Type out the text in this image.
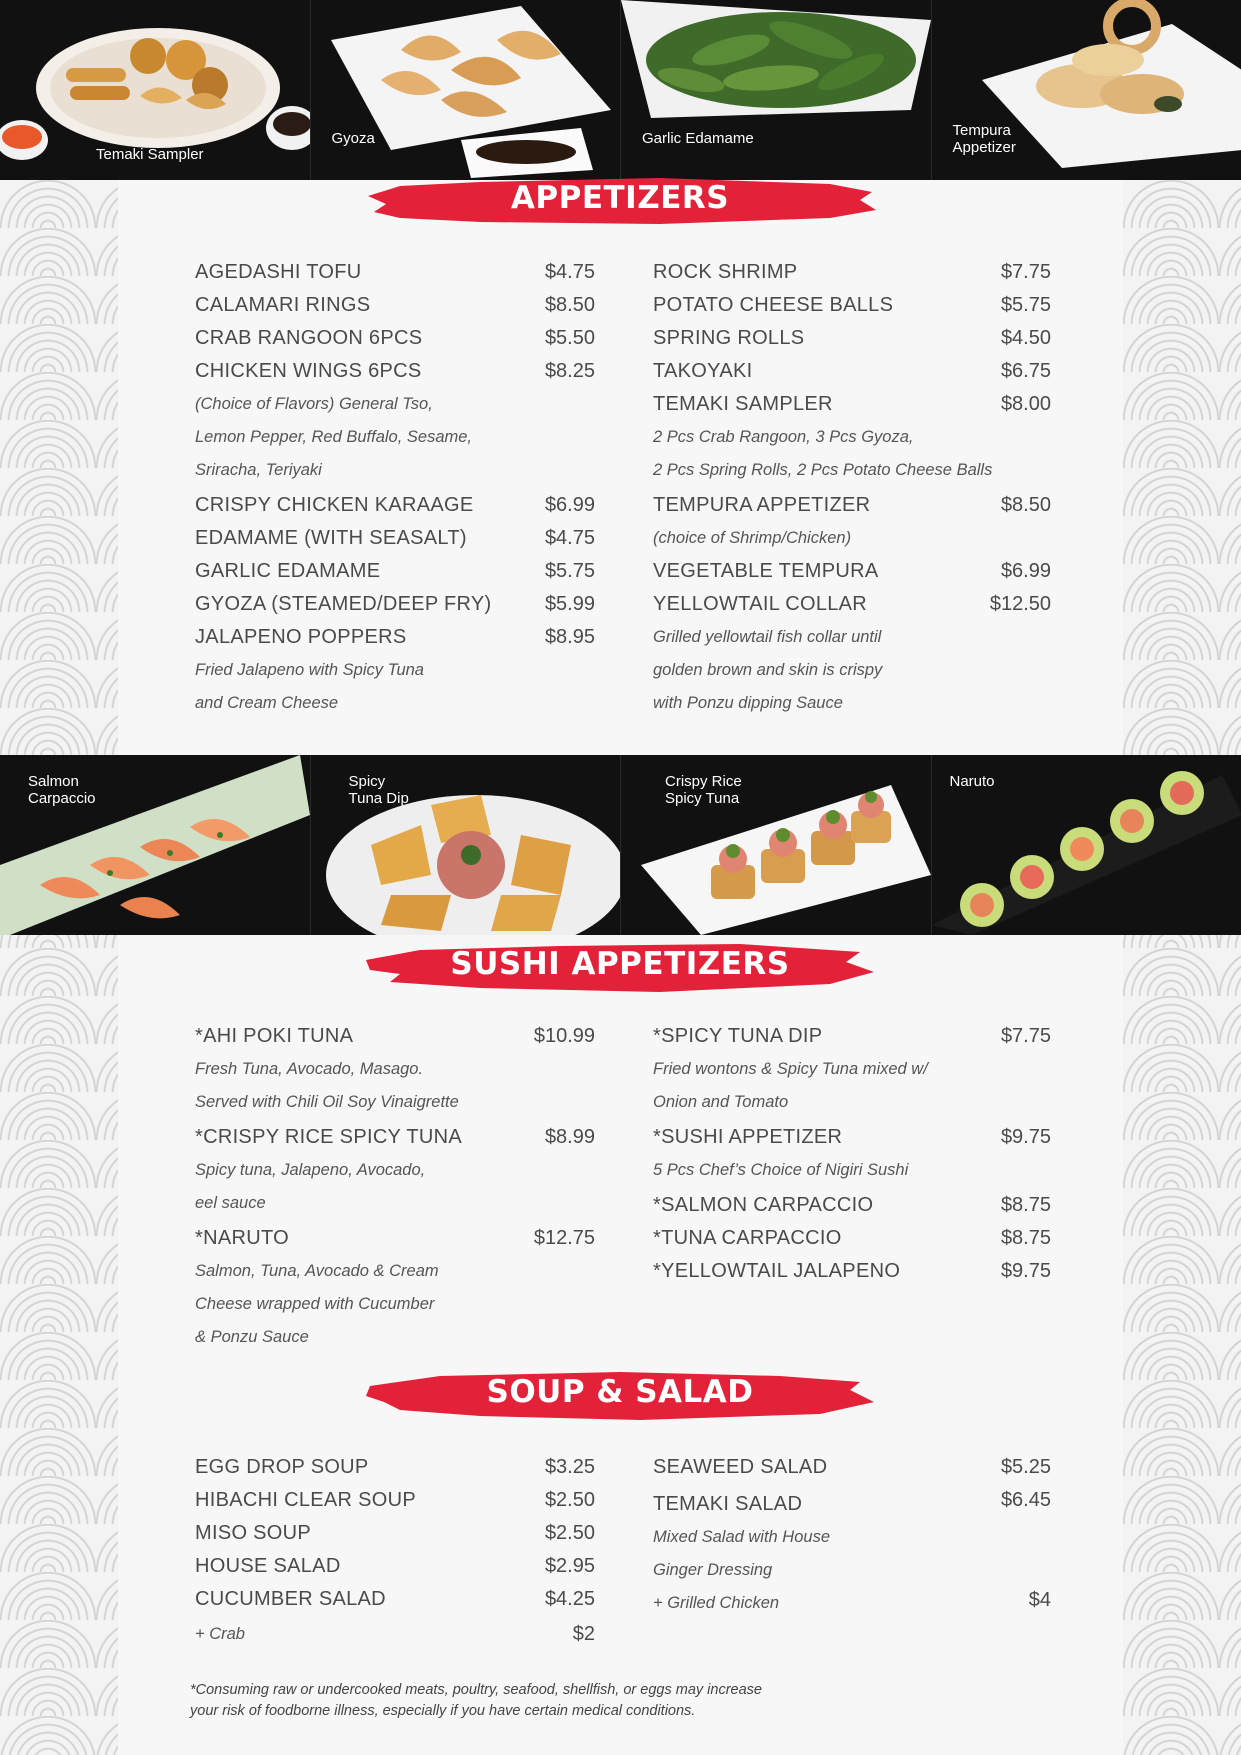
Temaki Sampler
Gyoza	Garlic Edamame	Tempura
Appetizer
APPETIZERS
AGEDASHI TOFU	$4.75
CALAMARI RINGS	$8.50
CRAB RANGOON 6PCS	$5.50
CHICKEN WINGS 6PCS	$8.25
(Choice of Flavors) General Tso,
Lemon Pepper, Red Buffalo, Sesame,
Sriracha, Teriyaki
CRISPY CHICKEN KARAAGE	$6.99
EDAMAME (WITH SEASALT)	$4.75
GARLIC EDAMAME	$5.75
GYOZA (STEAMED/DEEP FRY)	$5.99
JALAPENO POPPERS	$8.95
Fried Jalapeno with Spicy Tuna
and Cream Cheese
ROCK SHRIMP	$7.75
POTATO CHEESE BALLS	$5.75
SPRING ROLLS	$4.50
TAKOYAKI	$6.75
TEMAKI SAMPLER	$8.00
2 Pcs Crab Rangoon, 3 Pcs Gyoza,
2 Pcs Spring Rolls, 2 Pcs Potato Cheese Balls
TEMPURA APPETIZER	$8.50
(choice of Shrimp/Chicken)
VEGETABLE TEMPURA	$6.99
YELLOWTAIL COLLAR	$12.50
Grilled yellowtail fish collar until
golden brown and skin is crispy
with Ponzu dipping Sauce
Salmon
Carpaccio
Spicy
Tuna Dip
Crispy Rice
Spicy Tuna
Naruto
SUSHI APPETIZERS
*AHI POKI TUNA	$10.99
Fresh Tuna, Avocado, Masago.
Served with Chili Oil Soy Vinaigrette
*CRISPY RICE SPICY TUNA	$8.99
Spicy tuna, Jalapeno, Avocado,
eel sauce
*NARUTO	$12.75
Salmon, Tuna, Avocado & Cream
Cheese wrapped with Cucumber
& Ponzu Sauce
*SPICY TUNA DIP	$7.75
Fried wontons & Spicy Tuna mixed w/
Onion and Tomato
*SUSHI APPETIZER	$9.75
5 Pcs Chef’s Choice of Nigiri Sushi
*SALMON CARPACCIO	$8.75
*TUNA CARPACCIO	$8.75
*YELLOWTAIL JALAPENO	$9.75
SOUP & SALAD
EGG DROP SOUP	$3.25
HIBACHI CLEAR SOUP	$2.50
MISO SOUP	$2.50
HOUSE SALAD	$2.95
CUCUMBER SALAD	$4.25
+ Crab	$2
SEAWEED SALAD	$5.25
TEMAKI SALAD	$6.45
Mixed Salad with House
Ginger Dressing
+ Grilled Chicken	$4
*Consuming raw or undercooked meats, poultry, seafood, shellfish, or eggs may increase
your risk of foodborne illness, especially if you have certain medical conditions.
